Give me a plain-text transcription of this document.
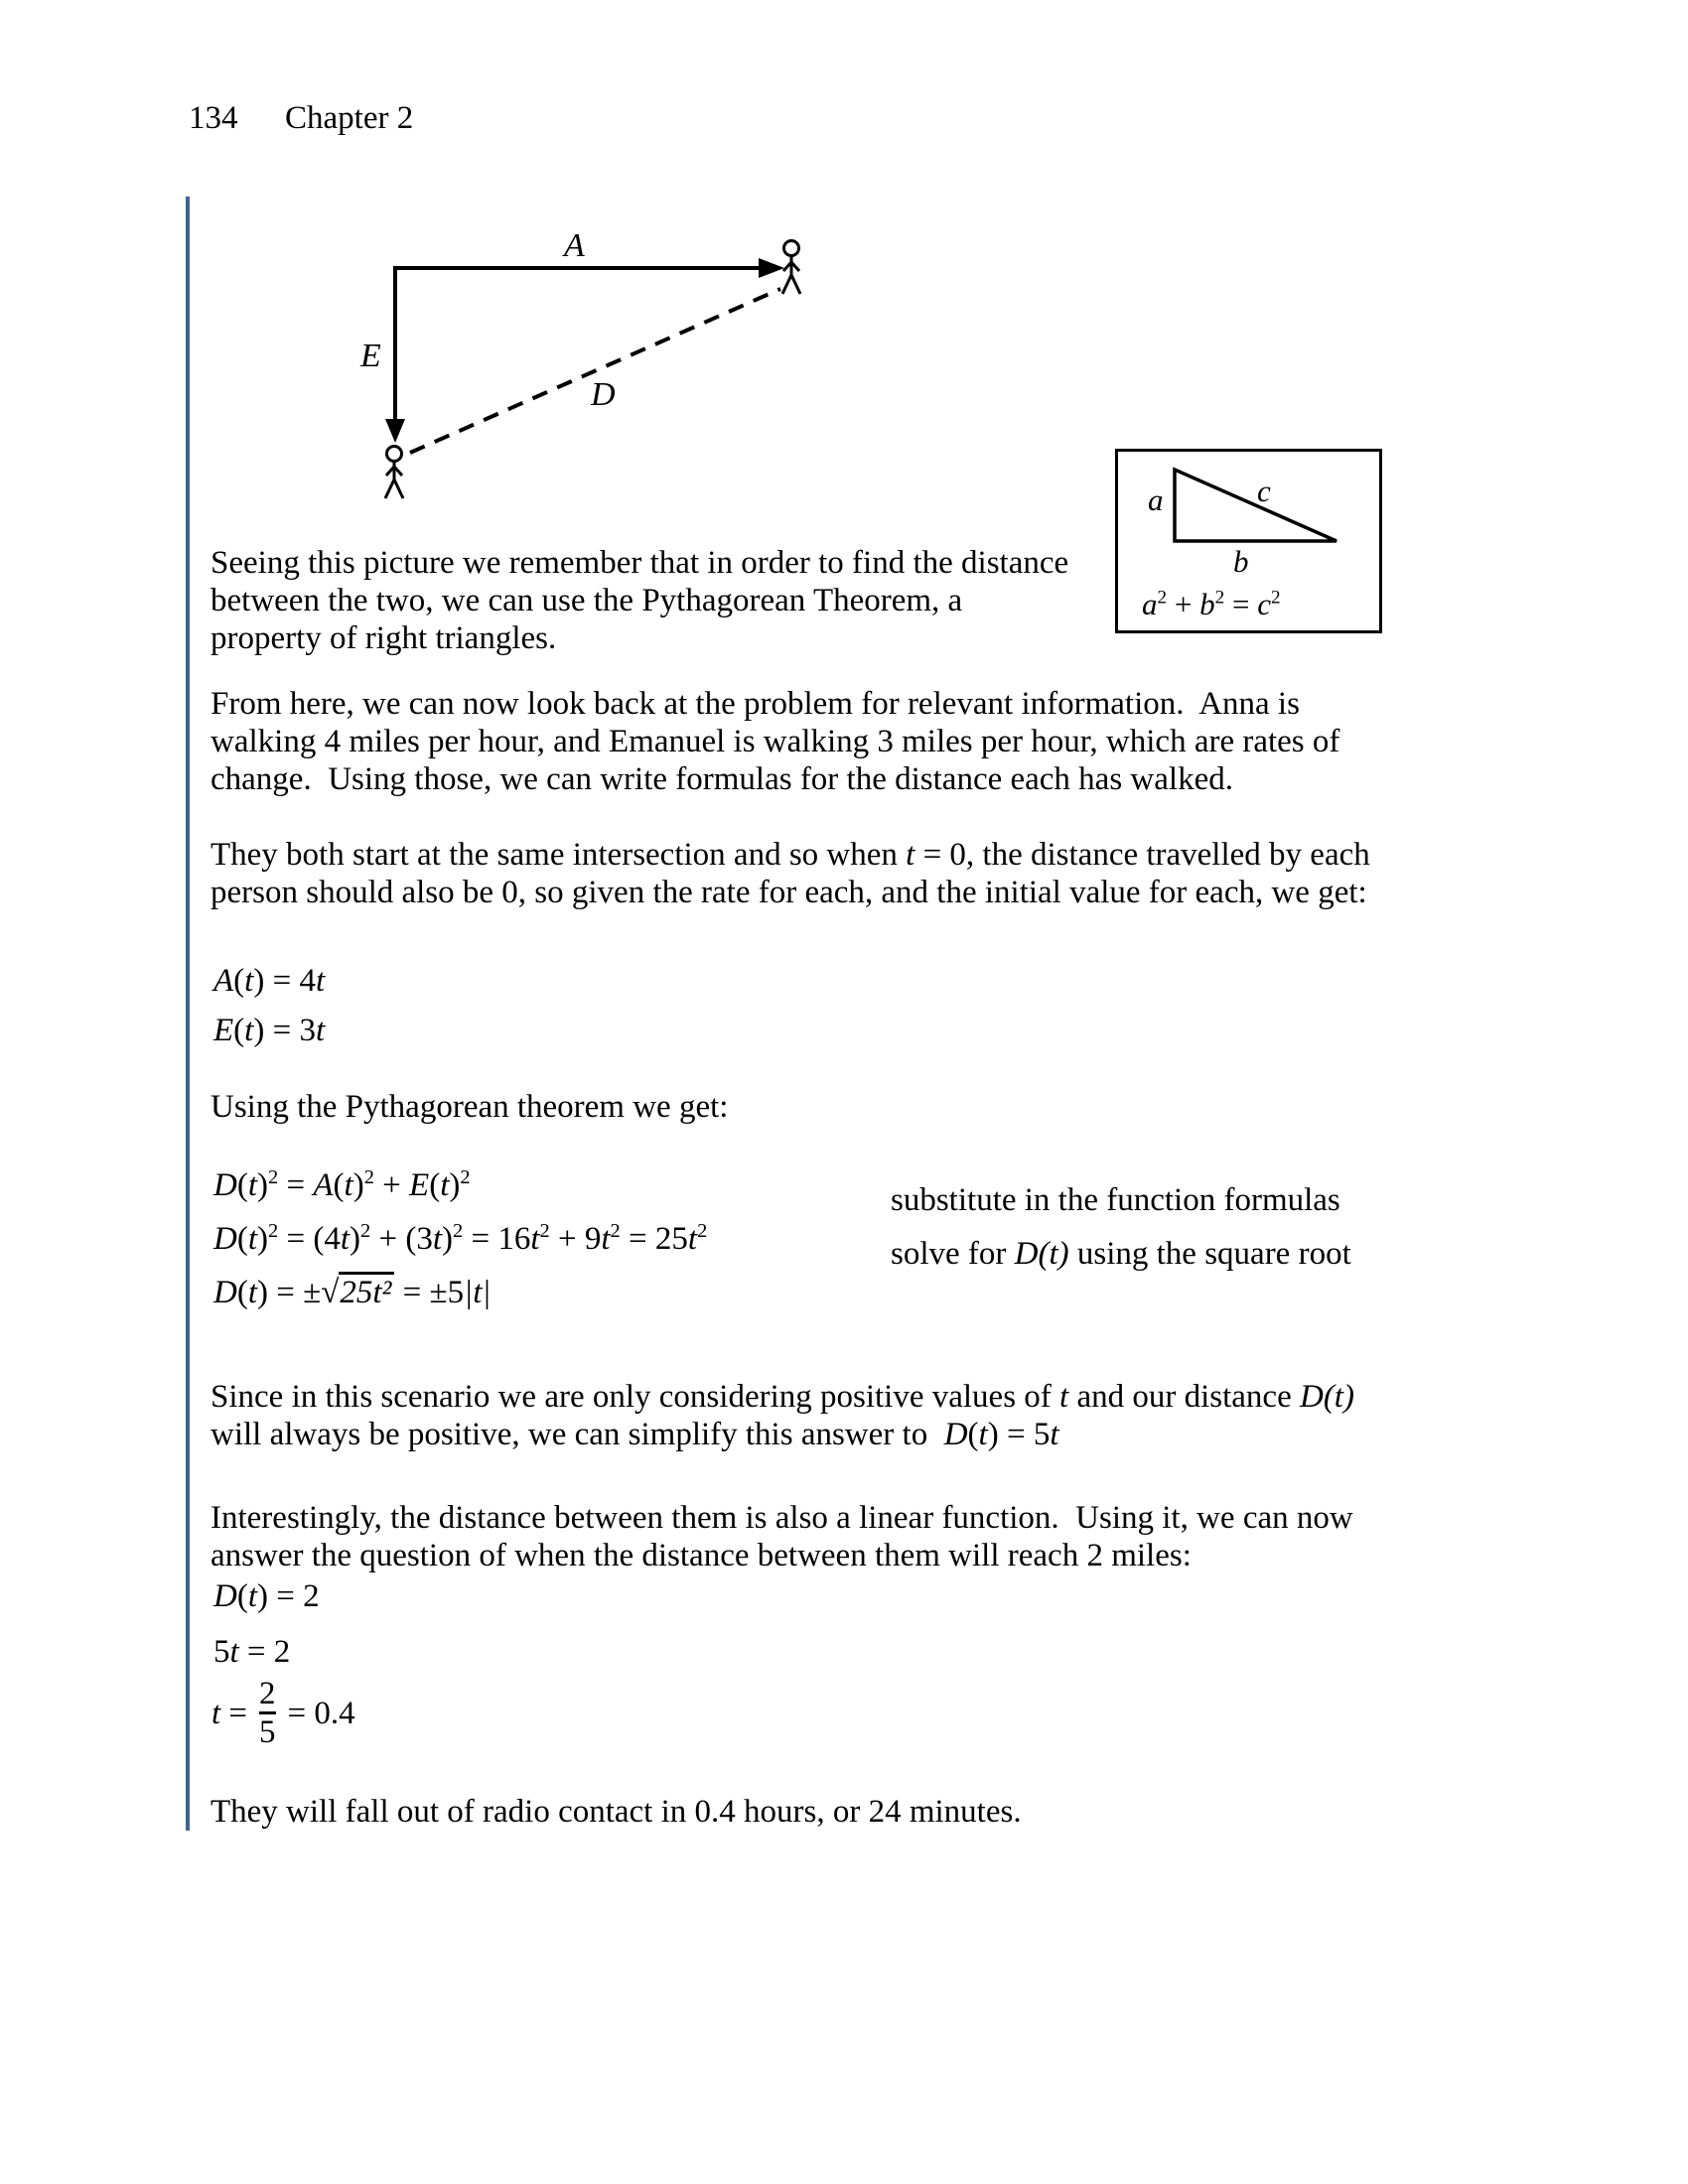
134 Chapter 2
A
E
D
a	c
b
$a^2 + b^2 = c^2$
Seeing this picture we remember that in order to find the distance
between the two, we can use the Pythagorean Theorem, a
property of right triangles.
From here, we can now look back at the problem for relevant information.  Anna is
walking 4 miles per hour, and Emanuel is walking 3 miles per hour, which are rates of
change.  Using those, we can write formulas for the distance each has walked.
They both start at the same intersection and so when t = 0, the distance travelled by each
person should also be 0, so given the rate for each, and the initial value for each, we get:
A(t) = 4t
E(t) = 3t
Using the Pythagorean theorem we get:
$D(t)^2 = A(t)^2 + E(t)^2$
substitute in the function formulas
$D(t)^2 = (4t)^2 + (3t)^2 = 16t^2 + 9t^2 = 25t^2$
solve for D(t) using the square root
D(t) = ±√25t² = ±5|t|
Since in this scenario we are only considering positive values of t and our distance D(t)
will always be positive, we can simplify this answer to  D(t) = 5t
Interestingly, the distance between them is also a linear function.  Using it, we can now
answer the question of when the distance between them will reach 2 miles:
D(t) = 2
5t = 2
$t = \frac{2}{5} = 0.4$
They will fall out of radio contact in 0.4 hours, or 24 minutes.
